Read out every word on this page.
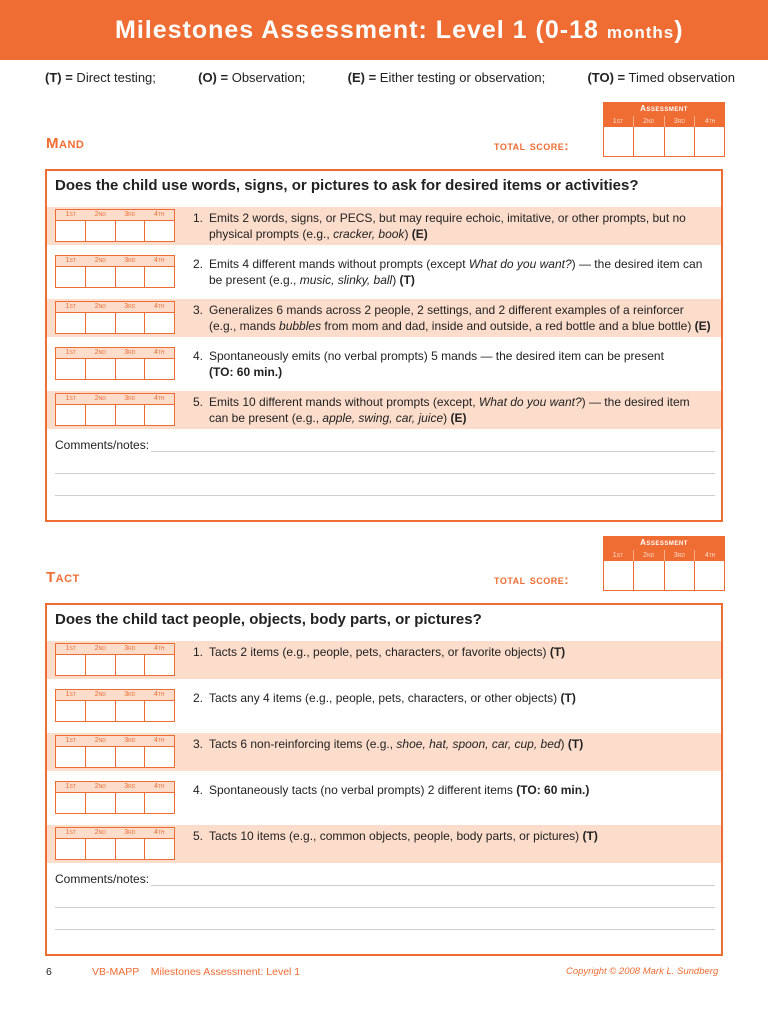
Milestones Assessment: Level 1 (0-18 months)
(T) = Direct testing;	(O) = Observation;	(E) = Either testing or observation;	(TO) = Timed observation
Mand	total score:
Assessment
1st	2nd	3rd	4th
Does the child use words, signs, or pictures to ask for desired items or activities?
1st	2nd	3rd	4th	1. Emits 2 words, signs, or PECS, but may require echoic, imitative, or other prompts, but no
physical prompts (e.g., cracker, book) (E)
1st	2nd	3rd	4th	2. Emits 4 different mands without prompts (except What do you want?) — the desired item can
be present (e.g., music, slinky, ball) (T)
1st	2nd	3rd	4th	3. Generalizes 6 mands across 2 people, 2 settings, and 2 different examples of a reinforcer
(e.g., mands bubbles from mom and dad, inside and outside, a red bottle and a blue bottle) (E)
1st	2nd	3rd	4th	4. Spontaneously emits (no verbal prompts) 5 mands — the desired item can be present
(TO: 60 min.)
1st	2nd	3rd	4th	5. Emits 10 different mands without prompts (except, What do you want?) — the desired item
can be present (e.g., apple, swing, car, juice) (E)
Comments/notes:
Tact	total score:
Assessment
1st	2nd	3rd	4th
Does the child tact people, objects, body parts, or pictures?
1st	2nd	3rd	4th	1. Tacts 2 items (e.g., people, pets, characters, or favorite objects) (T)
1st	2nd	3rd	4th	2. Tacts any 4 items (e.g., people, pets, characters, or other objects) (T)
1st	2nd	3rd	4th	3. Tacts 6 non-reinforcing items (e.g., shoe, hat, spoon, car, cup, bed) (T)
1st	2nd	3rd	4th	4. Spontaneously tacts (no verbal prompts) 2 different items (TO: 60 min.)
1st	2nd	3rd	4th	5. Tacts 10 items (e.g., common objects, people, body parts, or pictures) (T)
Comments/notes:
6	VB-MAPP    Milestones Assessment: Level 1	Copyright © 2008 Mark L. Sundberg
